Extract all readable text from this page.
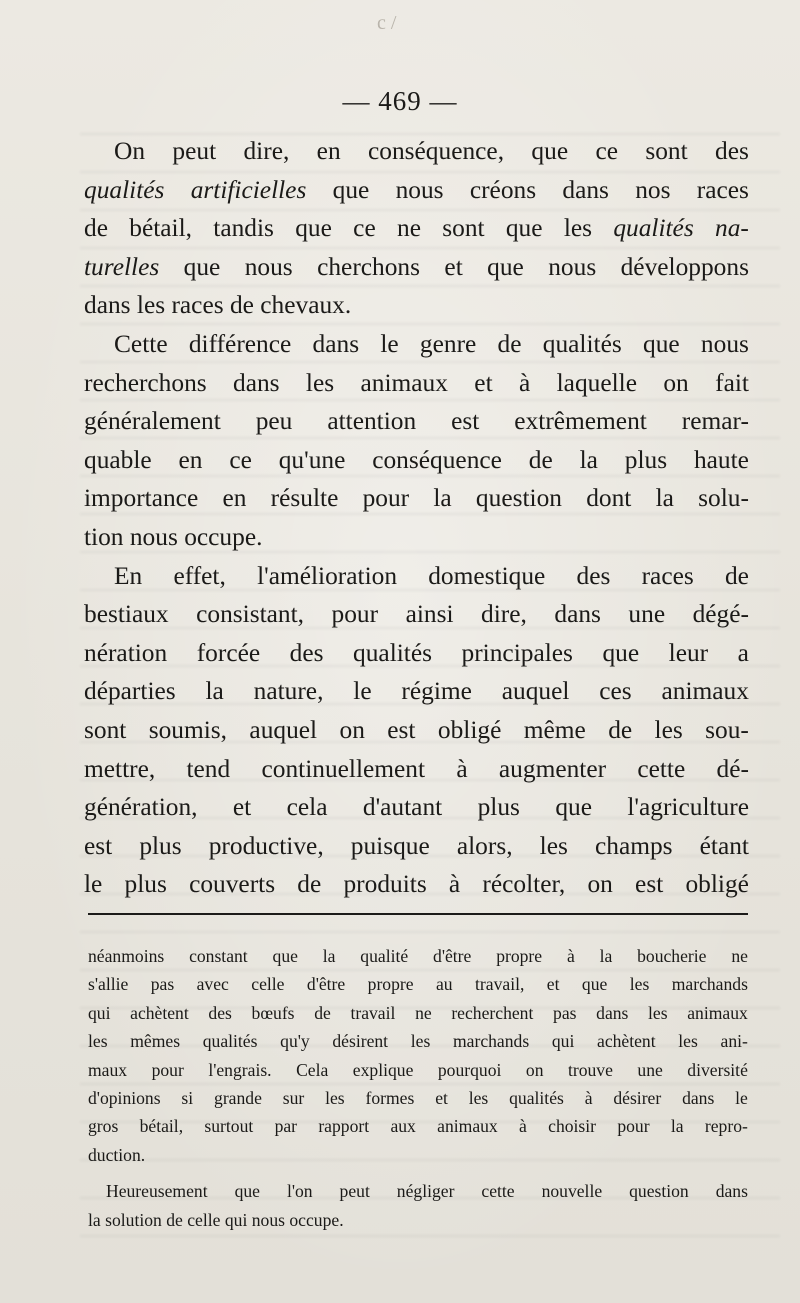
c /
— 469 —
On peut dire, en conséquence, que ce sont des
qualités artificielles que nous créons dans nos races
de bétail, tandis que ce ne sont que les qualités na-
turelles que nous cherchons et que nous développons
dans les races de chevaux.
Cette différence dans le genre de qualités que nous
recherchons dans les animaux et à laquelle on fait
généralement peu attention est extrêmement remar-
quable en ce qu'une conséquence de la plus haute
importance en résulte pour la question dont la solu-
tion nous occupe.
En effet, l'amélioration domestique des races de
bestiaux consistant, pour ainsi dire, dans une dégé-
nération forcée des qualités principales que leur a
départies la nature, le régime auquel ces animaux
sont soumis, auquel on est obligé même de les sou-
mettre, tend continuellement à augmenter cette dé-
génération, et cela d'autant plus que l'agriculture
est plus productive, puisque alors, les champs étant
le plus couverts de produits à récolter, on est obligé
néanmoins constant que la qualité d'être propre à la boucherie ne
s'allie pas avec celle d'être propre au travail, et que les marchands
qui achètent des bœufs de travail ne recherchent pas dans les animaux
les mêmes qualités qu'y désirent les marchands qui achètent les ani-
maux pour l'engrais. Cela explique pourquoi on trouve une diversité
d'opinions si grande sur les formes et les qualités à désirer dans le
gros bétail, surtout par rapport aux animaux à choisir pour la repro-
duction.
Heureusement que l'on peut négliger cette nouvelle question dans
la solution de celle qui nous occupe.
